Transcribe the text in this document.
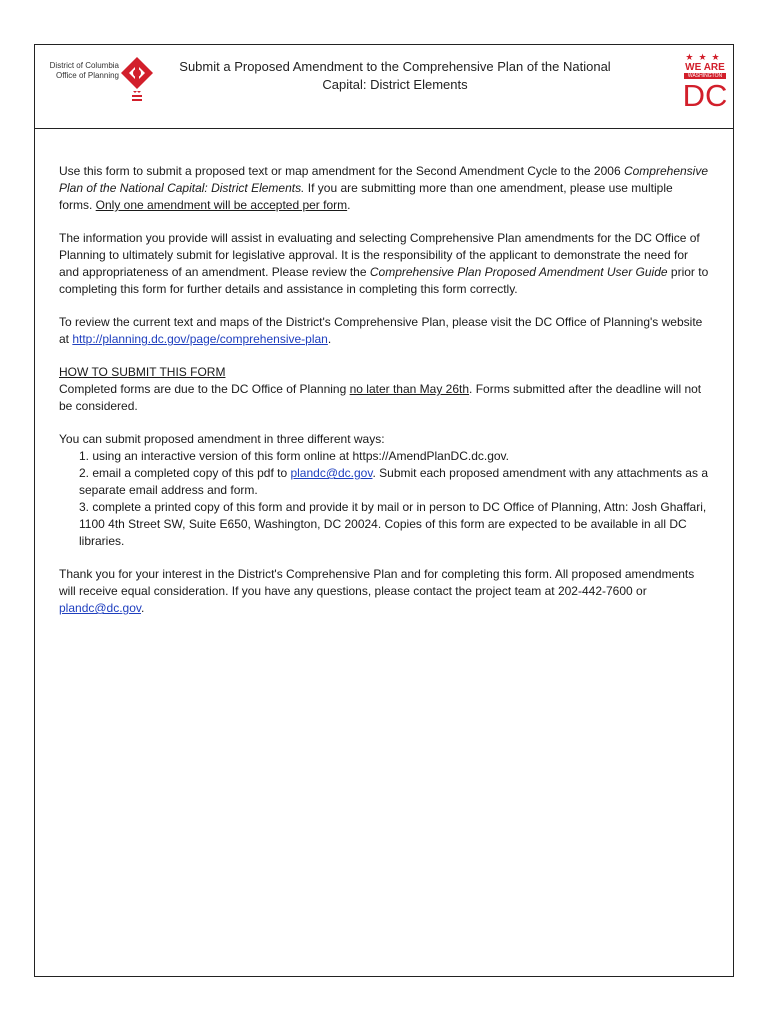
District of Columbia
Office of Planning
Submit a Proposed Amendment to the Comprehensive Plan of the National
Capital: District Elements
★★★
WE ARE
WASHINGTON
DC

Use this form to submit a proposed text or map amendment for the Second Amendment Cycle to the 2006 Comprehensive Plan of the National Capital: District Elements. If you are submitting more than one amendment, please use multiple forms. Only one amendment will be accepted per form.

The information you provide will assist in evaluating and selecting Comprehensive Plan amendments for the DC Office of Planning to ultimately submit for legislative approval. It is the responsibility of the applicant to demonstrate the need for and appropriateness of an amendment. Please review the Comprehensive Plan Proposed Amendment User Guide prior to completing this form for further details and assistance in completing this form correctly.

To review the current text and maps of the District's Comprehensive Plan, please visit the DC Office of Planning's website at http://planning.dc.gov/page/comprehensive-plan.

HOW TO SUBMIT THIS FORM
Completed forms are due to the DC Office of Planning no later than May 26th. Forms submitted after the deadline will not be considered.

You can submit proposed amendment in three different ways:
1. using an interactive version of this form online at https://AmendPlanDC.dc.gov.
2. email a completed copy of this pdf to plandc@dc.gov. Submit each proposed amendment with any attachments as a separate email address and form.
3. complete a printed copy of this form and provide it by mail or in person to DC Office of Planning, Attn: Josh Ghaffari, 1100 4th Street SW, Suite E650, Washington, DC 20024. Copies of this form are expected to be available in all DC libraries.

Thank you for your interest in the District's Comprehensive Plan and for completing this form. All proposed amendments will receive equal consideration. If you have any questions, please contact the project team at 202-442-7600 or plandc@dc.gov.
